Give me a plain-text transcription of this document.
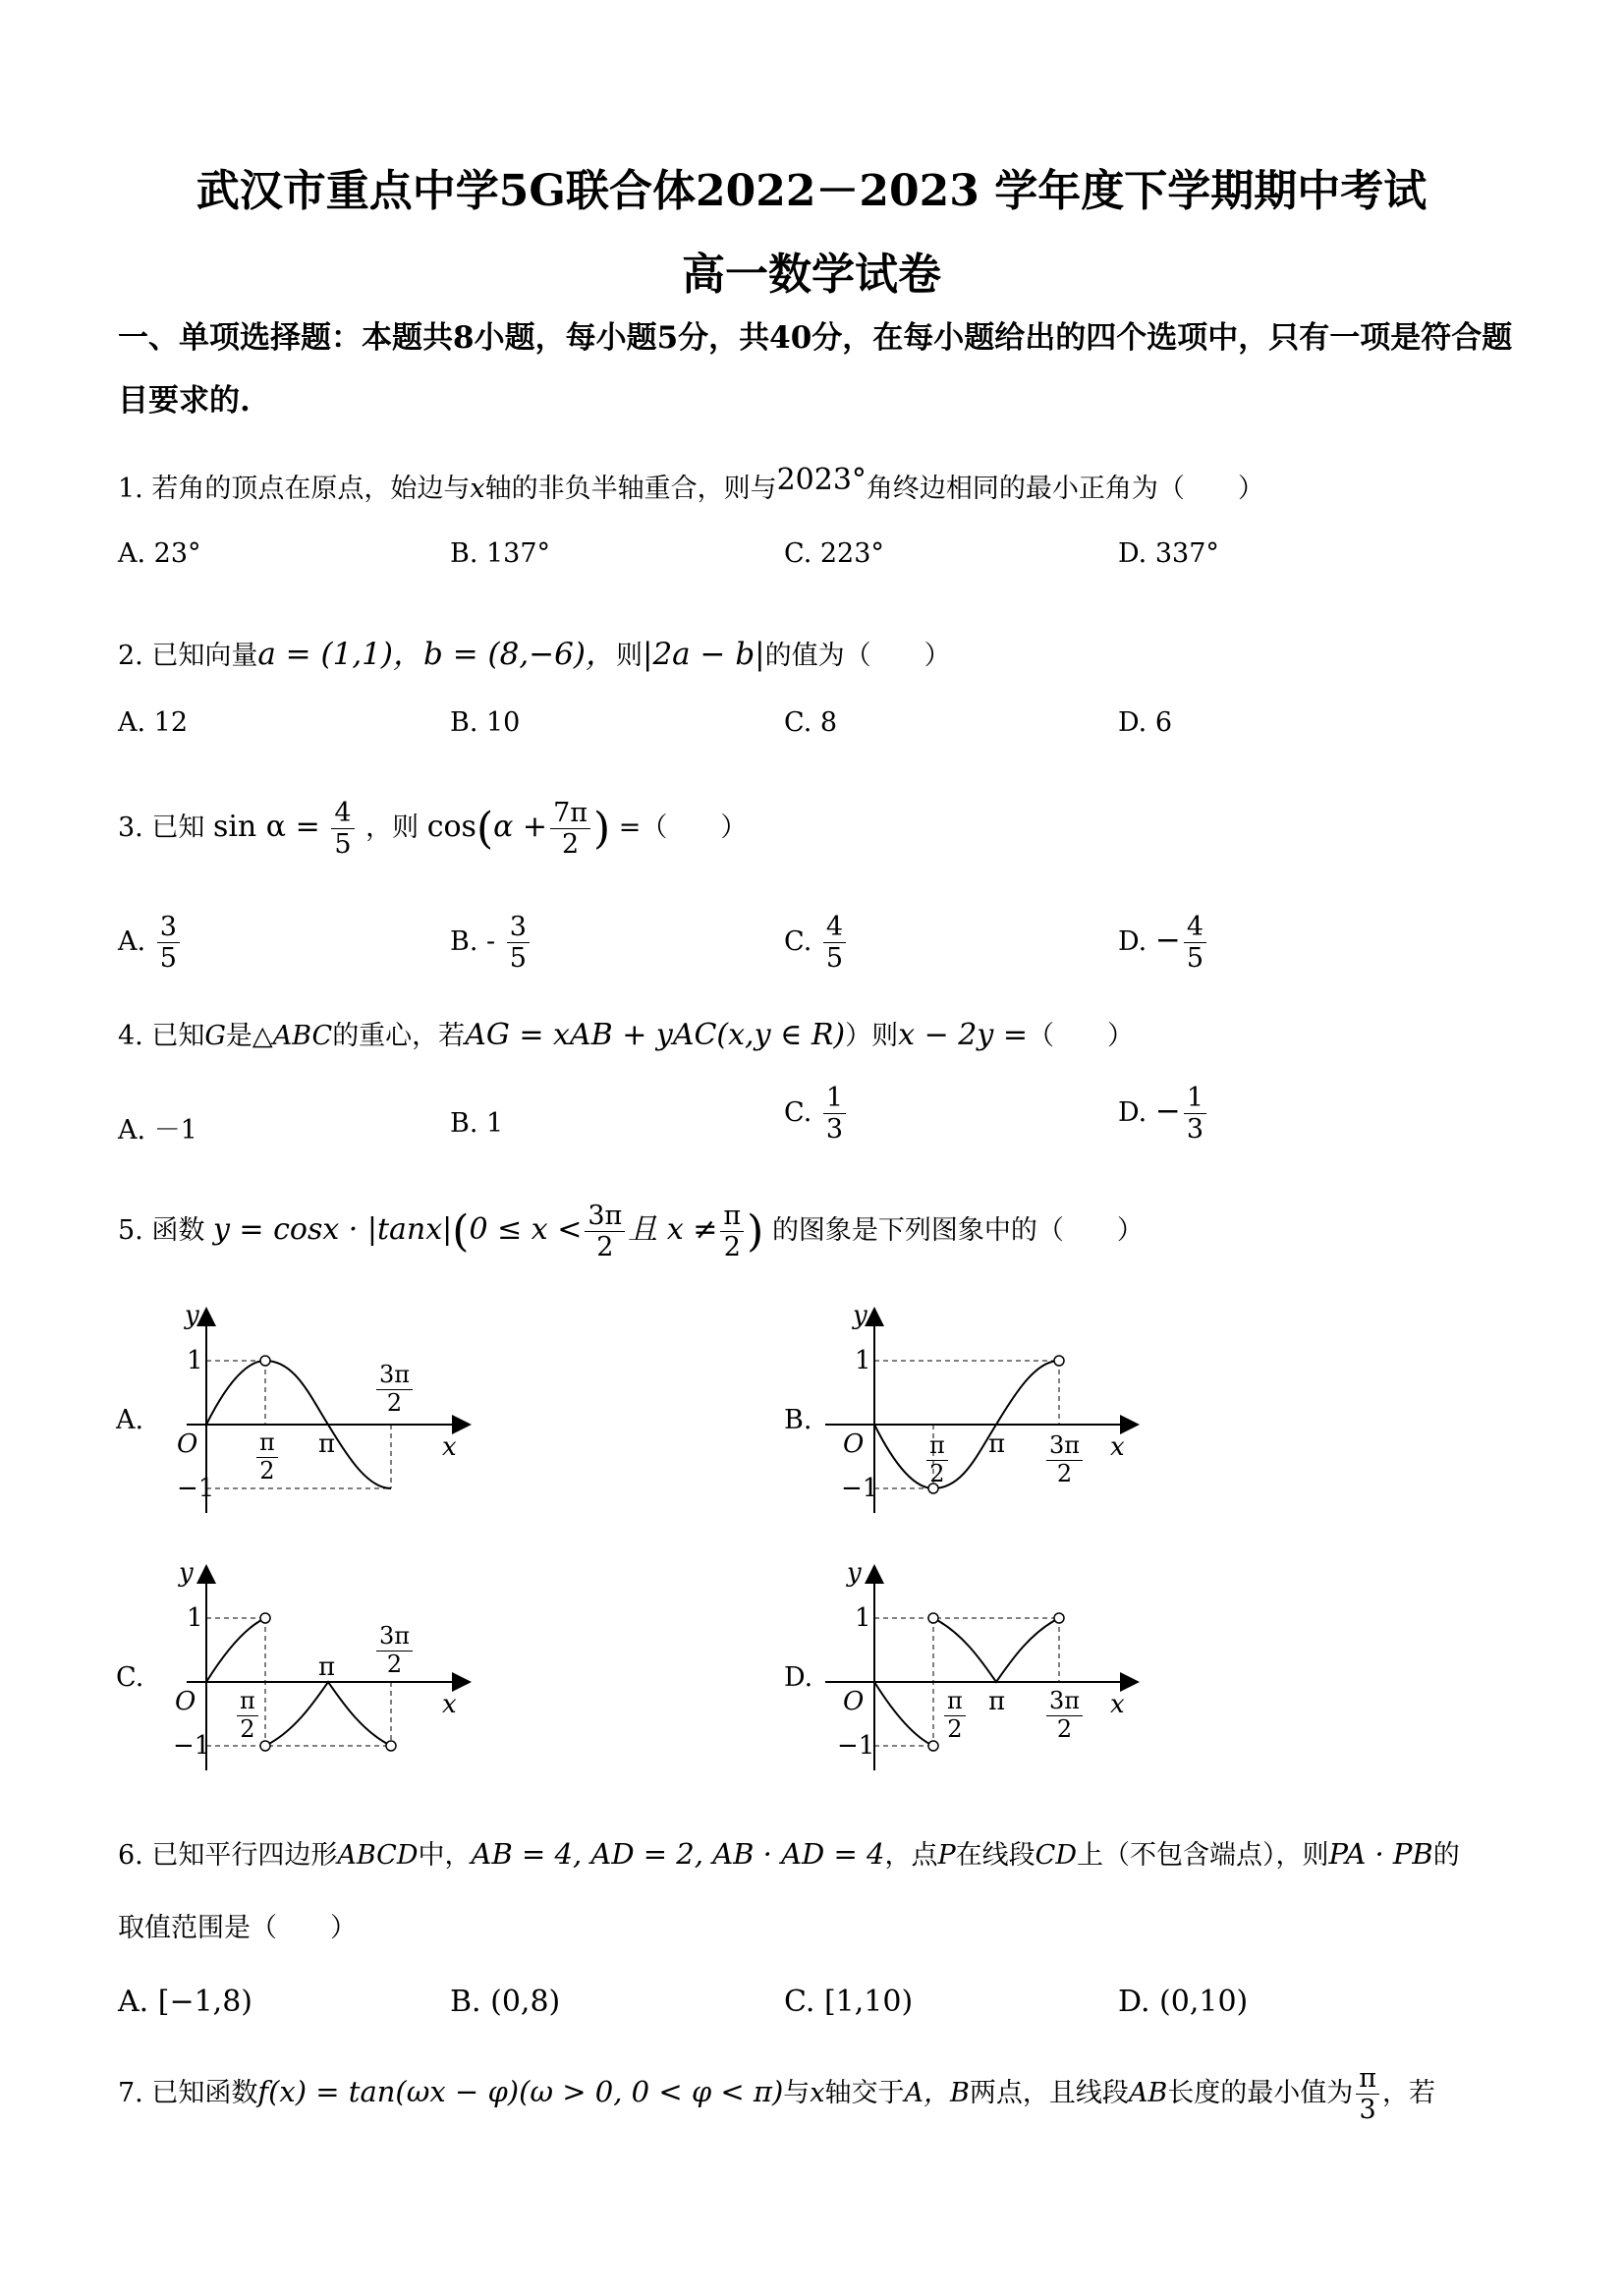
武汉市重点中学5G联合体2022－2023 学年度下学期期中考试
高一数学试卷
一、单项选择题：本题共8小题，每小题5分，共40分，在每小题给出的四个选项中，只有一项是符合题目要求的.
1. 若角的顶点在原点，始边与x轴的非负半轴重合，则与2023°角终边相同的最小正角为（　　）
A. 23°	B. 137°	C. 223°	D. 337°
2. 已知向量a = (1,1)，b = (8,−6)，则|2a − b|的值为（　　）
A. 12	B. 10	C. 8	D. 6
3. 已知 $\sin \alpha = \frac{4}{5}$ ，则 $\cos(\alpha + \frac{7\pi}{2}$ ) =（　　）
A. $\frac{3}{5}$	B. - $\frac{3}{5}$	C. $\frac{4}{5}$	D. − $\frac{4}{5}$
4. 已知G是△ABC的重心，若AG = xAB + yAC(x,y ∈ R)）则x − 2y =（　　）
A. －1	B. 1	C. $\frac{1}{3}$	D. − $\frac{1}{3}$
5. 函数 $y = \cos x \cdot |\tan x|(0 \le x < \frac{3\pi}{2}$ 且 $x \ne \frac{\pi}{2}$ ) 的图象是下列图象中的（　　）
A.	B.
C.	D.
y
1
−1
O	x
π
$\frac{\pi}{2}$
$\frac{3\pi}{2}$
y
1
−1
O	x
π
$\frac{\pi}{2}$	$\frac{3\pi}{2}$
y
1
−1
O	x
π
$\frac{\pi}{2}$
$\frac{3\pi}{2}$
y
1
−1
O	x
π
$\frac{\pi}{2}$	$\frac{3\pi}{2}$
6. 已知平行四边形ABCD中，AB = 4, AD = 2, AB · AD = 4，点P在线段CD上（不包含端点），则PA · PB的
取值范围是（　　）
A. [−1,8)	B. (0,8)	C. [1,10)	D. (0,10)
7. 已知函数f(x) = tan(ωx − φ)(ω > 0, 0 < φ < π)与x轴交于A，B两点，且线段AB长度的最小值为 $\frac{\pi}{3}$ ，若
